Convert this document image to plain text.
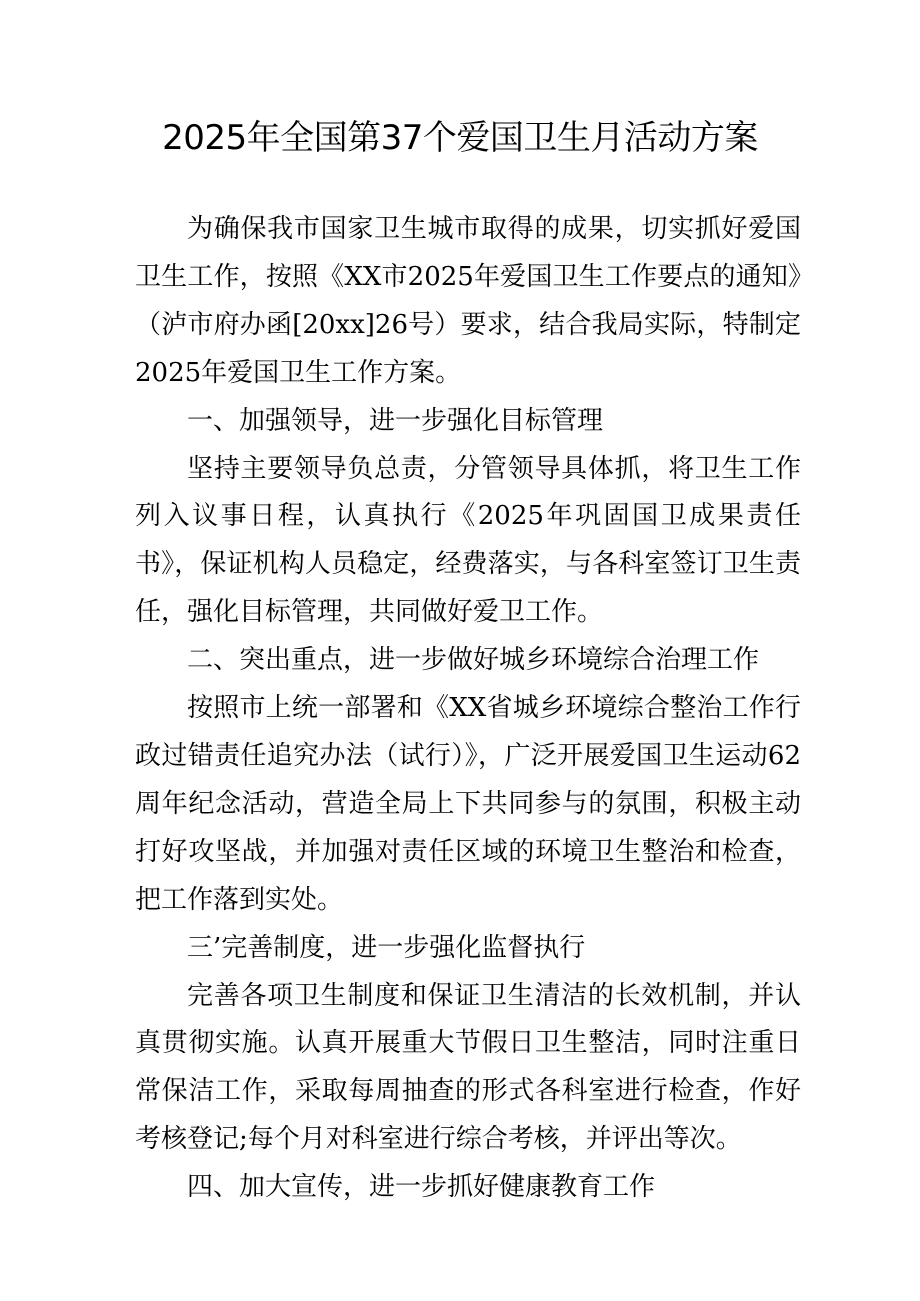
2025年全国第37个爱国卫生月活动方案

为确保我市国家卫生城市取得的成果，切实抓好爱国卫生工作，按照《XX市2025年爱国卫生工作要点的通知》（泸市府办函[20xx]26号）要求，结合我局实际，特制定2025年爱国卫生工作方案。

一、加强领导，进一步强化目标管理

坚持主要领导负总责，分管领导具体抓，将卫生工作列入议事日程，认真执行《2025年巩固国卫成果责任书》，保证机构人员稳定，经费落实，与各科室签订卫生责任，强化目标管理，共同做好爱卫工作。

二、突出重点，进一步做好城乡环境综合治理工作

按照市上统一部署和《XX省城乡环境综合整治工作行政过错责任追究办法（试行）》，广泛开展爱国卫生运动62周年纪念活动，营造全局上下共同参与的氛围，积极主动打好攻坚战，并加强对责任区域的环境卫生整治和检查，把工作落到实处。

三’完善制度，进一步强化监督执行

完善各项卫生制度和保证卫生清洁的长效机制，并认真贯彻实施。认真开展重大节假日卫生整洁，同时注重日常保洁工作，采取每周抽查的形式各科室进行检查，作好考核登记;每个月对科室进行综合考核，并评出等次。

四、加大宣传，进一步抓好健康教育工作
